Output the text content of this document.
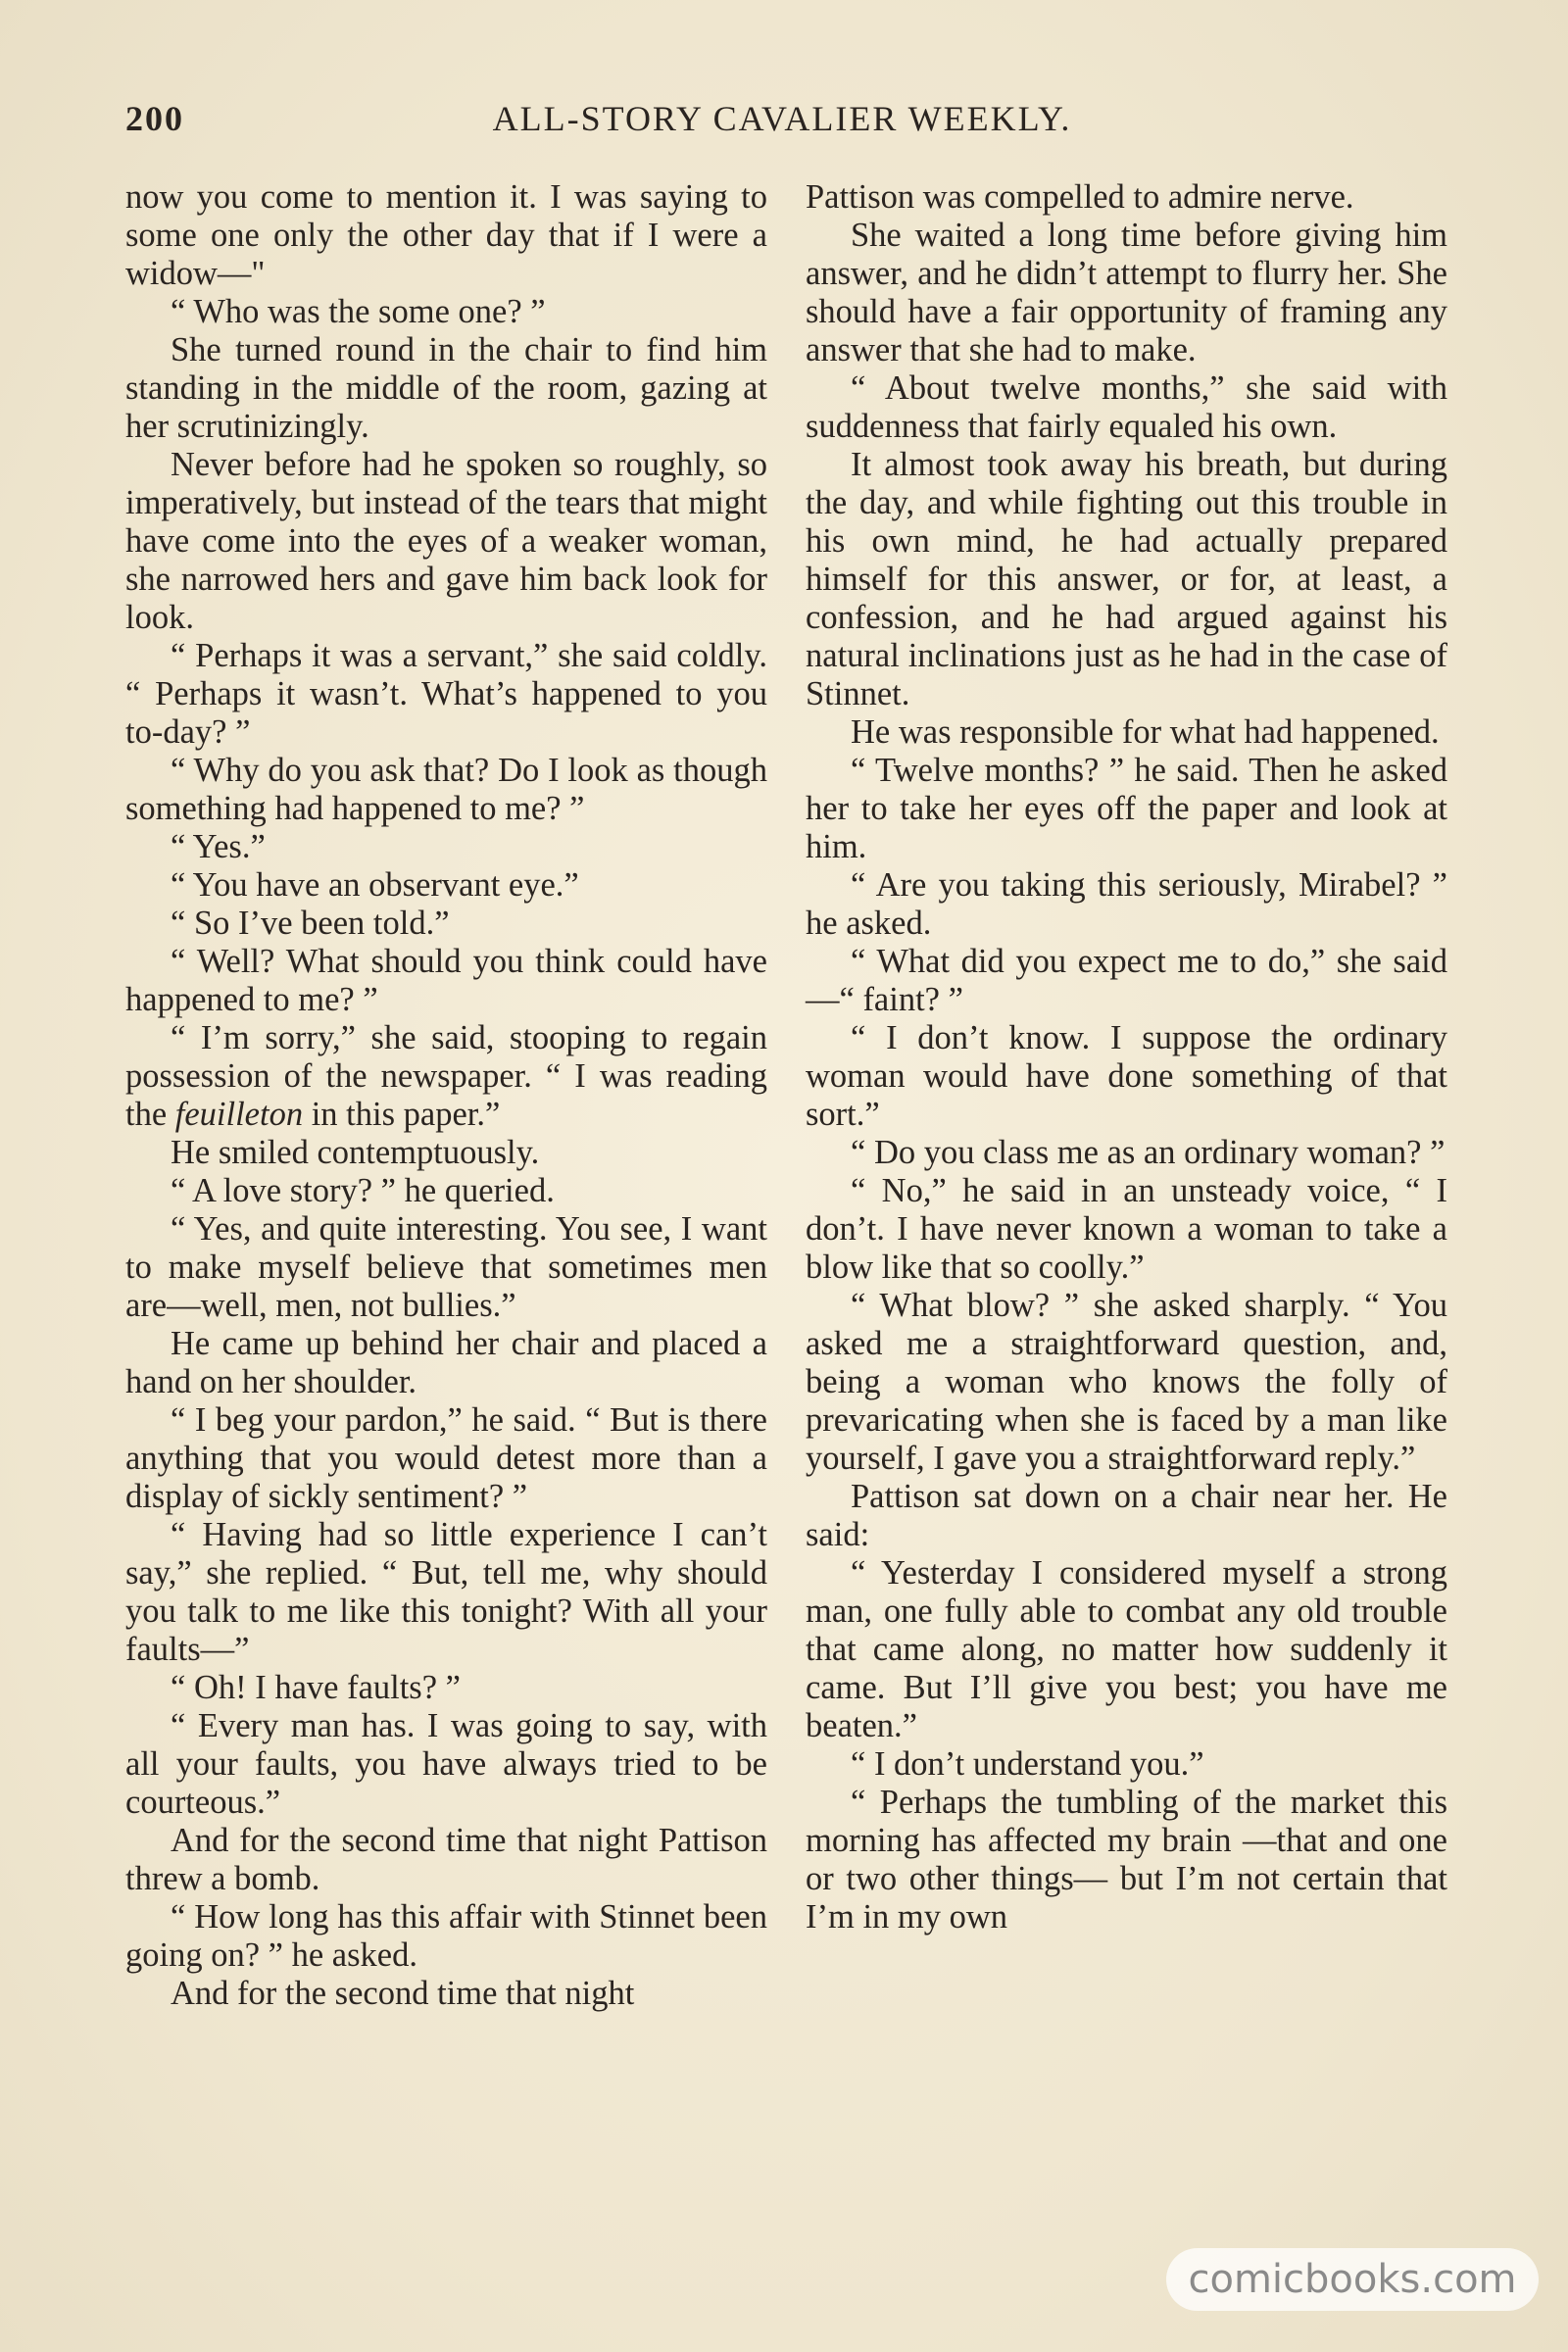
200	ALL-STORY CAVALIER WEEKLY.

now you come to mention it. I was saying to some one only the other day that if I were a widow—"

“ Who was the some one? ”

She turned round in the chair to find him standing in the middle of the room, gazing at her scrutinizingly.

Never before had he spoken so roughly, so imperatively, but instead of the tears that might have come into the eyes of a weaker woman, she narrowed hers and gave him back look for look.

“ Perhaps it was a servant,” she said coldly. “ Perhaps it wasn’t. What’s happened to you to-day? ”

“ Why do you ask that? Do I look as though something had happened to me? ”

“ Yes.”

“ You have an observant eye.”

“ So I’ve been told.”

“ Well? What should you think could have happened to me? ”

“ I’m sorry,” she said, stooping to regain possession of the newspaper. “ I was reading the feuilleton in this paper.”

He smiled contemptuously.

“ A love story? ” he queried.

“ Yes, and quite interesting. You see, I want to make myself believe that sometimes men are—well, men, not bullies.”

He came up behind her chair and placed a hand on her shoulder.

“ I beg your pardon,” he said. “ But is there anything that you would detest more than a display of sickly sentiment? ”

“ Having had so little experience I can’t say,” she replied. “ But, tell me, why should you talk to me like this tonight? With all your faults—”

“ Oh! I have faults? ”

“ Every man has. I was going to say, with all your faults, you have always tried to be courteous.”

And for the second time that night Pattison threw a bomb.

“ How long has this affair with Stinnet been going on? ” he asked.

And for the second time that night

Pattison was compelled to admire nerve.

She waited a long time before giving him answer, and he didn’t attempt to flurry her. She should have a fair opportunity of framing any answer that she had to make.

“ About twelve months,” she said with suddenness that fairly equaled his own.

It almost took away his breath, but during the day, and while fighting out this trouble in his own mind, he had actually prepared himself for this answer, or for, at least, a confession, and he had argued against his natural inclinations just as he had in the case of Stinnet.

He was responsible for what had happened.

“ Twelve months? ” he said. Then he asked her to take her eyes off the paper and look at him.

“ Are you taking this seriously, Mirabel? ” he asked.

“ What did you expect me to do,” she said—“ faint? ”

“ I don’t know. I suppose the ordinary woman would have done something of that sort.”

“ Do you class me as an ordinary woman? ”

“ No,” he said in an unsteady voice, “ I don’t. I have never known a woman to take a blow like that so coolly.”

“ What blow? ” she asked sharply. “ You asked me a straightforward question, and, being a woman who knows the folly of prevaricating when she is faced by a man like yourself, I gave you a straightforward reply.”

Pattison sat down on a chair near her. He said:

“ Yesterday I considered myself a strong man, one fully able to combat any old trouble that came along, no matter how suddenly it came. But I’ll give you best; you have me beaten.”

“ I don’t understand you.”

“ Perhaps the tumbling of the market this morning has affected my brain —that and one or two other things— but I’m not certain that I’m in my own

comicbooks.com
